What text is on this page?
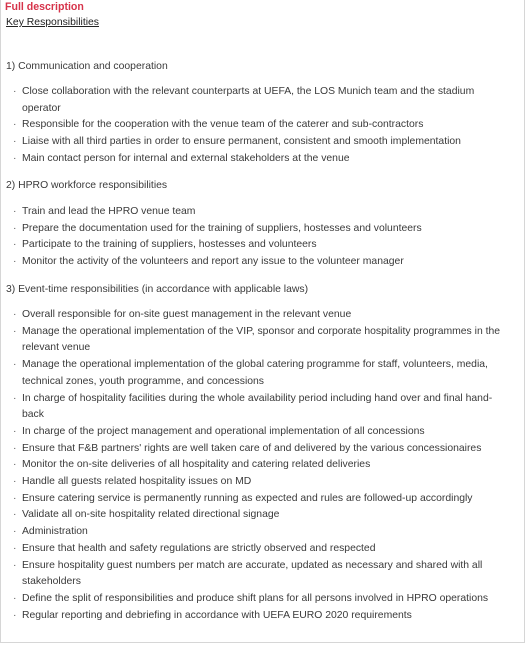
Full description
Key Responsibilities
1) Communication and cooperation
· Close collaboration with the relevant counterparts at UEFA, the LOS Munich team and the stadium operator
· Responsible for the cooperation with the venue team of the caterer and sub-contractors
· Liaise with all third parties in order to ensure permanent, consistent and smooth implementation
· Main contact person for internal and external stakeholders at the venue
2) HPRO workforce responsibilities
· Train and lead the HPRO venue team
· Prepare the documentation used for the training of suppliers, hostesses and volunteers
· Participate to the training of suppliers, hostesses and volunteers
· Monitor the activity of the volunteers and report any issue to the volunteer manager
3) Event-time responsibilities (in accordance with applicable laws)
· Overall responsible for on-site guest management in the relevant venue
· Manage the operational implementation of the VIP, sponsor and corporate hospitality programmes in the relevant venue
· Manage the operational implementation of the global catering programme for staff, volunteers, media, technical zones, youth programme, and concessions
· In charge of hospitality facilities during the whole availability period including hand over and final hand-back
· In charge of the project management and operational implementation of all concessions
· Ensure that F&B partners' rights are well taken care of and delivered by the various concessionaires
· Monitor the on-site deliveries of all hospitality and catering related deliveries
· Handle all guests related hospitality issues on MD
· Ensure catering service is permanently running as expected and rules are followed-up accordingly
· Validate all on-site hospitality related directional signage
· Administration
· Ensure that health and safety regulations are strictly observed and respected
· Ensure hospitality guest numbers per match are accurate, updated as necessary and shared with all stakeholders
· Define the split of responsibilities and produce shift plans for all persons involved in HPRO operations
· Regular reporting and debriefing in accordance with UEFA EURO 2020 requirements
